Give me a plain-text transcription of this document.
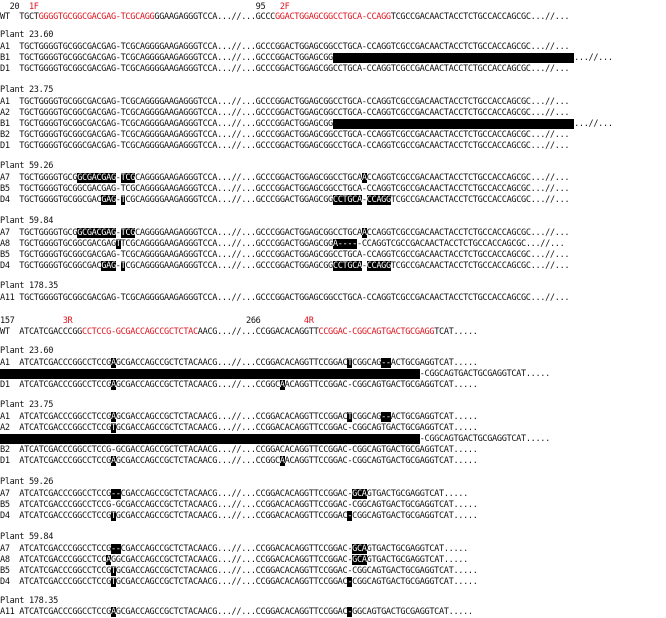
20  1F                                             95   2F
WT  TGCTGGGGTGCGGCGACGAG-TCGCAGGGGAAGAGGGTCCA...//...GCCCGGACTGGAGCGGCCTGCA-CCAGGTCGCCGACAACTACCTCTGCCACCAGCGC...//...
Plant 23.60
A1  TGCTGGGGTGCGGCGACGAG-TCGCAGGGGAAGAGGGTCCA...//...GCCCGGACTGGAGCGGCCTGCA-CCAGGTCGCCGACAACTACCTCTGCCACCAGCGC...//...
B1  TGCTGGGGTGCGGCGACGAG-TCGCAGGGGAAGAGGGTCCA...//...GCCCGGACTGGAGCGG	...//...
D1  TGCTGGGGTGCGGCGACGAG-TCGCAGGGGAAGAGGGTCCA...//...GCCCGGACTGGAGCGGCCTGCA-CCAGGTCGCCGACAACTACCTCTGCCACCAGCGC...//...
Plant 23.75
A1  TGCTGGGGTGCGGCGACGAG-TCGCAGGGGAAGAGGGTCCA...//...GCCCGGACTGGAGCGGCCTGCA-CCAGGTCGCCGACAACTACCTCTGCCACCAGCGC...//...
A2  TGCTGGGGTGCGGCGACGAG-TCGCAGGGGAAGAGGGTCCA...//...GCCCGGACTGGAGCGGCCTGCA-CCAGGTCGCCGACAACTACCTCTGCCACCAGCGC...//...
B1  TGCTGGGGTGCGGCGACGAG-TCGCAGGGGAAGAGGGTCCA...//...GCCCGGACTGGAGCGG	...//...
B2  TGCTGGGGTGCGGCGACGAG-TCGCAGGGGAAGAGGGTCCA...//...GCCCGGACTGGAGCGGCCTGCA-CCAGGTCGCCGACAACTACCTCTGCCACCAGCGC...//...
D1  TGCTGGGGTGCGGCGACGAG-TCGCAGGGGAAGAGGGTCCA...//...GCCCGGACTGGAGCGGCCTGCA-CCAGGTCGCCGACAACTACCTCTGCCACCAGCGC...//...
Plant 59.26
A7  TGCTGGGGTGCGGCGACGAG-TCGCAGGGGAAGAGGGTCCA...//...GCCCGGACTGGAGCGGCCTGCAACCAGGTCGCCGACAACTACCTCTGCCACCAGCGC...//...
B5  TGCTGGGGTGCGGCGACGAG-TCGCAGGGGAAGAGGGTCCA...//...GCCCGGACTGGAGCGGCCTGCA-CCAGGTCGCCGACAACTACCTCTGCCACCAGCGC...//...
D4  TGCTGGGGTGCGGCGACGAG-TCGCAGGGGAAGAGGGTCCA...//...GCCCGGACTGGAGCGGCCTGCA-CCAGGTCGCCGACAACTACCTCTGCCACCAGCGC...//...
Plant 59.84
A7  TGCTGGGGTGCGGCGACGAG-TCGCAGGGGAAGAGGGTCCA...//...GCCCGGACTGGAGCGGCCTGCAACCAGGTCGCCGACAACTACCTCTGCCACCAGCGC...//...
A8  TGCTGGGGTGCGGCGACGAGTTCGCAGGGGAAGAGGGTCCA...//...GCCCGGACTGGAGCGGA-----CCAGGTCGCCGACAACTACCTCTGCCACCAGCGC...//...
B5  TGCTGGGGTGCGGCGACGAG-TCGCAGGGGAAGAGGGTCCA...//...GCCCGGACTGGAGCGGCCTGCA-CCAGGTCGCCGACAACTACCTCTGCCACCAGCGC...//...
D4  TGCTGGGGTGCGGCGACGAG-TCGCAGGGGAAGAGGGTCCA...//...GCCCGGACTGGAGCGGCCTGCA-CCAGGTCGCCGACAACTACCTCTGCCACCAGCGC...//...
Plant 178.35
A11 TGCTGGGGTGCGGCGACGAG-TCGCAGGGGAAGAGGGTCCA...//...GCCCGGACTGGAGCGGCCTGCA-CCAGGTCGCCGACAACTACCTCTGCCACCAGCGC...//...
157          3R                                    266         4R
WT  ATCATCGACCCGGCCTCCG-GCGACCAGCCGCTCTACAACG...//...CCGGACACAGGTTCCGGAC-CGGCAGTGACTGCGAGGTCAT.....
Plant 23.60
A1  ATCATCGACCCGGCCTCCGAGCGACCAGCCGCTCTACAACG...//...CCGGACACAGGTTCCGGACTCGGCAG--ACTGCGAGGTCAT.....
-CGGCAGTGACTGCGAGGTCAT.....
D1  ATCATCGACCCGGCCTCCGAGCGACCAGCCGCTCTACAACG...//...CCGGCAACAGGTTCCGGAC-CGGCAGTGACTGCGAGGTCAT.....
Plant 23.75
A1  ATCATCGACCCGGCCTCCGAGCGACCAGCCGCTCTACAACG...//...CCGGACACAGGTTCCGGACTCGGCAG--ACTGCGAGGTCAT.....
A2  ATCATCGACCCGGCCTCCGTGCGACCAGCCGCTCTACAACG...//...CCGGACACAGGTTCCGGAC-CGGCAGTGACTGCGAGGTCAT.....
-CGGCAGTGACTGCGAGGTCAT.....
B2  ATCATCGACCCGGCCTCCG-GCGACCAGCCGCTCTACAACG...//...CCGGACACAGGTTCCGGAC-CGGCAGTGACTGCGAGGTCAT.....
D1  ATCATCGACCCGGCCTCCGAGCGACCAGCCGCTCTACAACG...//...CCGGCAACAGGTTCCGGAC-CGGCAGTGACTGCGAGGTCAT.....
Plant 59.26
A7  ATCATCGACCCGGCCTCCG--CGACCAGCCGCTCTACAACG...//...CCGGACACAGGTTCCGGAC-GCAGTGACTGCGAGGTCAT.....
B5  ATCATCGACCCGGCCTCCG-GCGACCAGCCGCTCTACAACG...//...CCGGACACAGGTTCCGGAC-CGGCAGTGACTGCGAGGTCAT.....
D4  ATCATCGACCCGGCCTCCGTGCGACCAGCCGCTCTACAACG...//...CCGGACACAGGTTCCGGAC-CGGCAGTGACTGCGAGGTCAT.....
Plant 59.84
A7  ATCATCGACCCGGCCTCCG--CGACCAGCCGCTCTACAACG...//...CCGGACACAGGTTCCGGAC-GCAGTGACTGCGAGGTCAT.....
A8  ATCATCGACCCGGCCTCCAGGCGACCAGCCGCTCTACAACG...//...CCGGACACAGGTTCCGGAC-GCAGTGACTGCGAGGTCAT.....
B5  ATCATCGACCCGGCCTCCGTGCGACCAGCCGCTCTACAACG...//...CCGGACACAGGTTCCGGAC-CGGCAGTGACTGCGAGGTCAT.....
D4  ATCATCGACCCGGCCTCCGTGCGACCAGCCGCTCTACAACG...//...CCGGACACAGGTTCCGGAC-CGGCAGTGACTGCGAGGTCAT.....
Plant 178.35
A11 ATCATCGACCCGGCCTCCGAGCGACCAGCCGCTCTACAACG...//...CCGGACACAGGTTCCGGAC-GGCAGTGACTGCGAGGTCAT.....
